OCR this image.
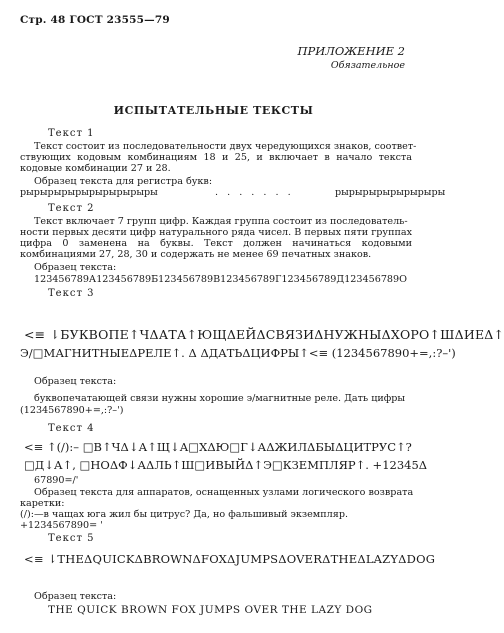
Стр. 48 ГОСТ 23555—79
ПРИЛОЖЕНИЕ 2
Обязательное
ИСПЫТАТЕЛЬНЫЕ ТЕКСТЫ
Текст 1
Текст состоит из последовательности двух чередующихся знаков, соответ-
ствующих кодовым комбинациям 18 и 25, и включает в начало текста кодовые комбинации 27 и 28.
Образец текста для регистра букв:
рырырырырырырырырыры	. . . . . . .	рырырырырырырыры
Текст 2
Текст включает 7 групп цифр. Каждая группа состоит из последователь-
ности первых десяти цифр натурального ряда чисел. В первых пяти группах цифра 0 заменена на буквы. Текст должен начинаться кодовыми комбинациями 27, 28, 30 и содержать не менее 69 печатных знаков.
Образец текста:
123456789А123456789Б123456789В123456789Г123456789Д123456789О
Текст 3
<≡ ⇂БУКВОПЕ↑ЧΔАТА↑ЮЩΔЕЙΔСВЯЗИΔНУЖНЫΔХОРО↑ШΔИЕΔ↑
Э/□МАГНИТНЫЕΔРЕЛЕ↑. Δ ΔДАТЬΔЦИФРЫ↑<≡ (1234567890+=,:?–')
Образец текста:
буквопечатающей связи нужны хорошие э/магнитные реле. Дать цифры
(1234567890+=,:?–')
Текст 4
<≡ ↑(/):– □В↑ЧΔ↓А↑Щ↓А□ХΔЮ□Г↓АΔЖИЛΔБЫΔЦИТРУС↑?
□Д↓А↑, □НОΔФ↓АΔЛЬ↑Ш□ИВЫЙΔ↑Э□КЗЕМПЛЯР↑. +12345Δ
67890=/'
Образец текста для аппаратов, оснащенных узлами логического возврата
каретки:
(/):—в чащах юга жил бы цитрус? Да, но фальшивый экземпляр.
+1234567890= '
Текст 5
<≡ ⇂THEΔQUICKΔBROWNΔFOXΔJUMPSΔOVERΔTHEΔLAZYΔDOG
Образец текста:
THE QUICK BROWN FOX JUMPS OVER THE LAZY DOG
